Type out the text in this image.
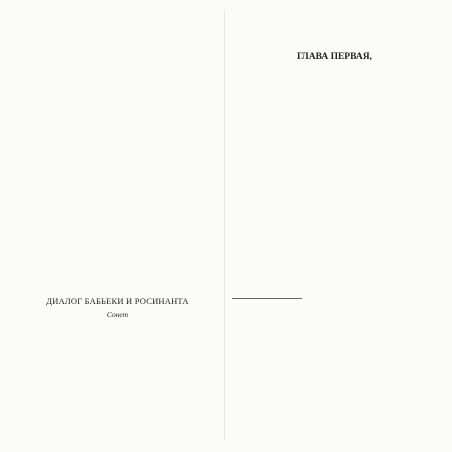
ДИАЛОГ БАБЬЕКИ И РОСИНАНТА
Сонет
ГЛАВА ПЕРВАЯ,
